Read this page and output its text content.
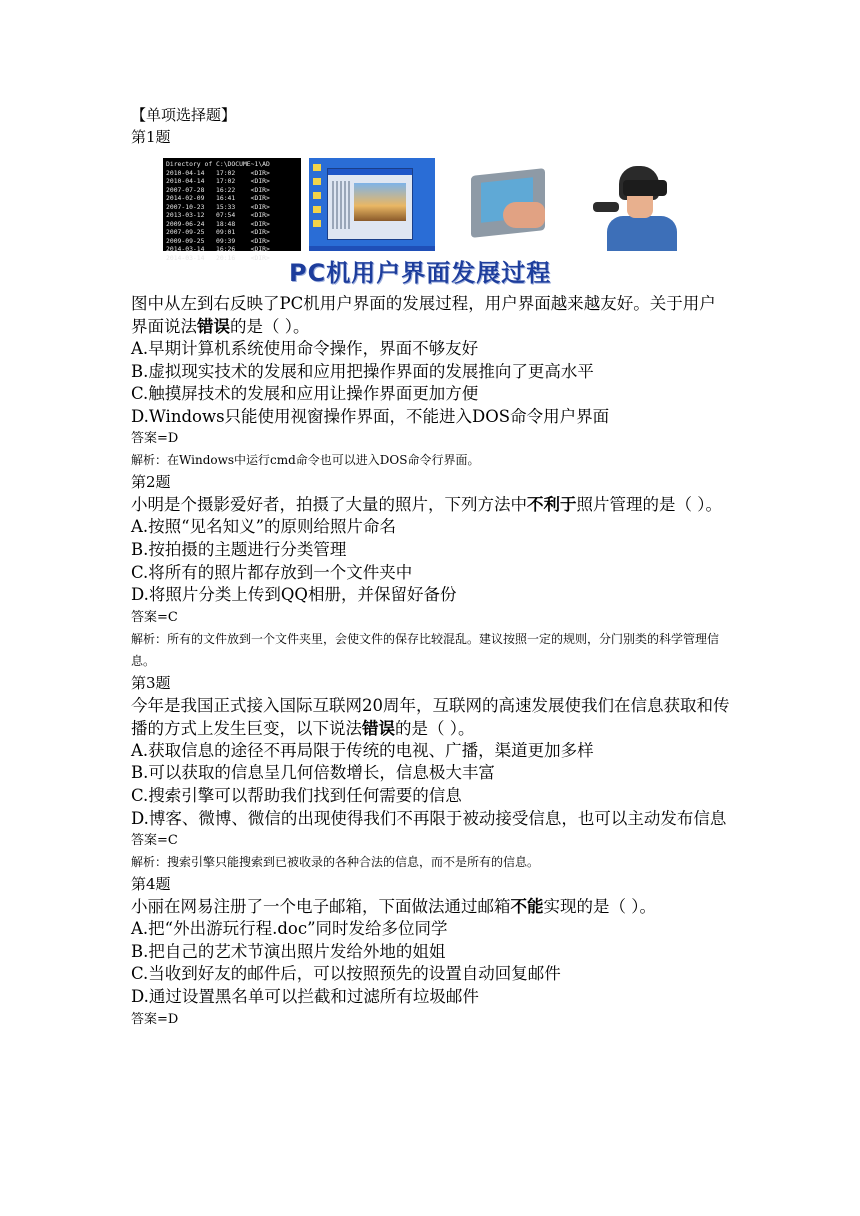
【单项选择题】
第1题
Directory of C:\DOCUME~1\AD
2010-04-14   17:02    <DIR>
2010-04-14   17:02    <DIR>
2007-07-28   16:22    <DIR>
2014-02-09   16:41    <DIR>
2007-10-23   15:33    <DIR>
2013-03-12   07:54    <DIR>
2009-06-24   18:48    <DIR>
2007-09-25   09:01    <DIR>
2009-09-25   09:39    <DIR>
2014-03-14   16:26    <DIR>
2014-03-14   20:16    <DIR>
PC机用户界面发展过程
图中从左到右反映了PC机用户界面的发展过程，用户界面越来越友好。关于用户界面说法错误的是（ ）。
A.早期计算机系统使用命令操作，界面不够友好
B.虚拟现实技术的发展和应用把操作界面的发展推向了更高水平
C.触摸屏技术的发展和应用让操作界面更加方便
D.Windows只能使用视窗操作界面，不能进入DOS命令用户界面
答案=D
解析：在Windows中运行cmd命令也可以进入DOS命令行界面。
第2题
小明是个摄影爱好者，拍摄了大量的照片，下列方法中不利于照片管理的是（ ）。
A.按照“见名知义”的原则给照片命名
B.按拍摄的主题进行分类管理
C.将所有的照片都存放到一个文件夹中
D.将照片分类上传到QQ相册，并保留好备份
答案=C
解析：所有的文件放到一个文件夹里，会使文件的保存比较混乱。建议按照一定的规则，分门别类的科学管理信息。
第3题
今年是我国正式接入国际互联网20周年，互联网的高速发展使我们在信息获取和传播的方式上发生巨变，以下说法错误的是（ ）。
A.获取信息的途径不再局限于传统的电视、广播，渠道更加多样
B.可以获取的信息呈几何倍数增长，信息极大丰富
C.搜索引擎可以帮助我们找到任何需要的信息
D.博客、微博、微信的出现使得我们不再限于被动接受信息，也可以主动发布信息
答案=C
解析：搜索引擎只能搜索到已被收录的各种合法的信息，而不是所有的信息。
第4题
小丽在网易注册了一个电子邮箱，下面做法通过邮箱不能实现的是（ ）。
A.把“外出游玩行程.doc”同时发给多位同学
B.把自己的艺术节演出照片发给外地的姐姐
C.当收到好友的邮件后，可以按照预先的设置自动回复邮件
D.通过设置黑名单可以拦截和过滤所有垃圾邮件
答案=D
